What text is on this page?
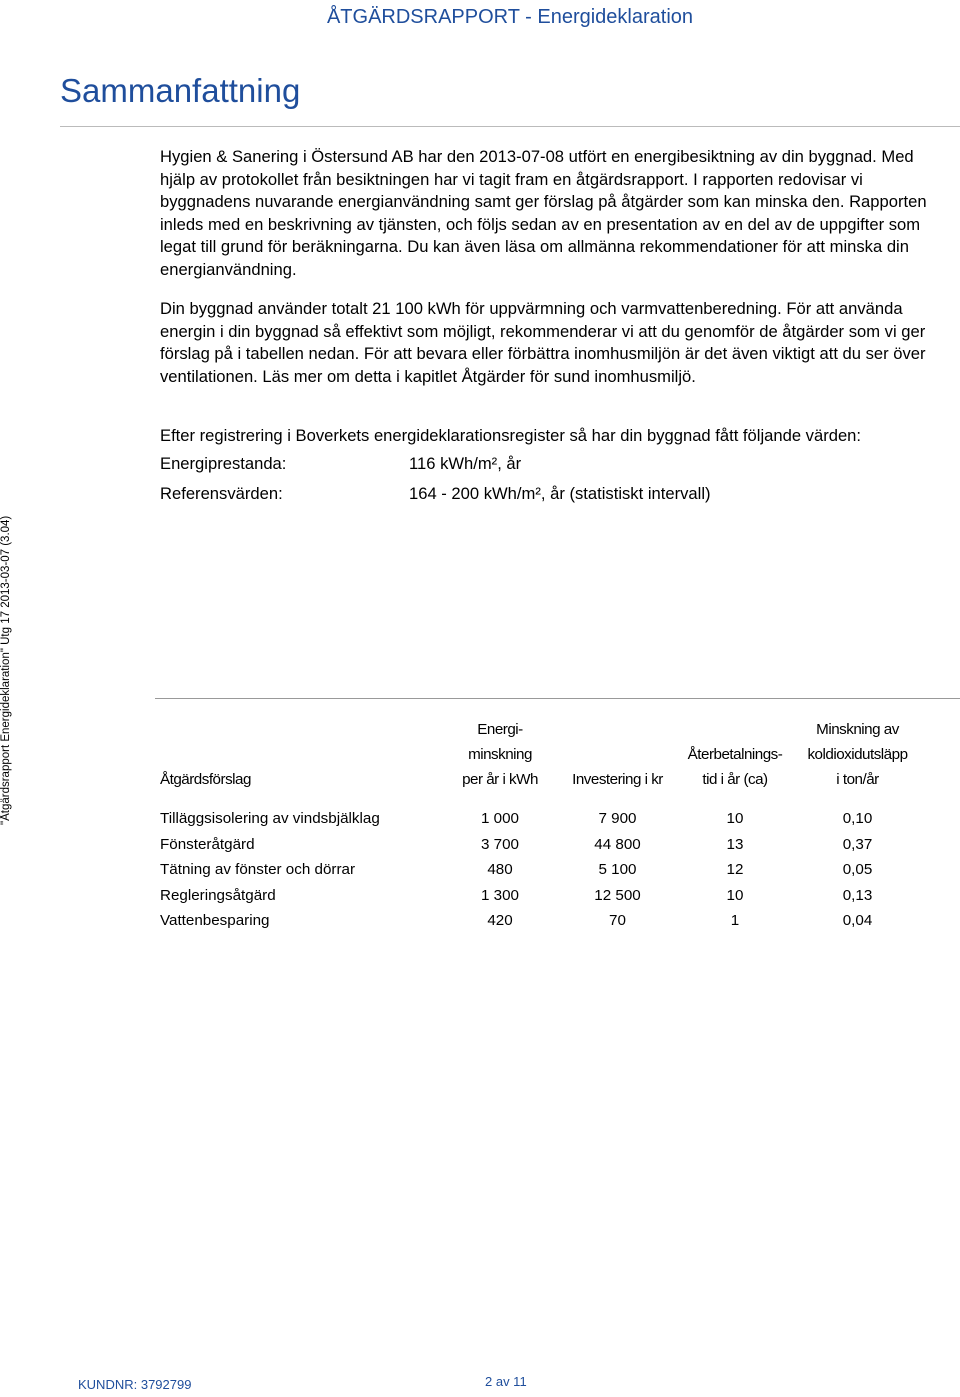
ÅTGÄRDSRAPPORT - Energideklaration
Sammanfattning

Hygien & Sanering i Östersund AB har den 2013-07-08 utfört en energibesiktning av din byggnad. Med hjälp av protokollet från besiktningen har vi tagit fram en åtgärdsrapport. I rapporten redovisar vi byggnadens nuvarande energianvändning samt ger förslag på åtgärder som kan minska den. Rapporten inleds med en beskrivning av tjänsten, och följs sedan av en presentation av en del av de uppgifter som legat till grund för beräkningarna. Du kan även läsa om allmänna rekommendationer för att minska din energianvändning.

Din byggnad använder totalt 21 100 kWh för uppvärmning och varmvattenberedning. För att använda energin i din byggnad så effektivt som möjligt, rekommenderar vi att du genomför de åtgärder som vi ger förslag på i tabellen nedan. För att bevara eller förbättra inomhusmiljön är det även viktigt att du ser över ventilationen. Läs mer om detta i kapitlet Åtgärder för sund inomhusmiljö.

Efter registrering i Boverkets energideklarationsregister så har din byggnad fått följande värden:
Energiprestanda:	116 kWh/m², år
Referensvärden:	164 - 200 kWh/m², år (statistiskt intervall)
"Åtgärdsrapport Energideklaration" Utg 17 2013-03-07 (3.04)	Åtgärdsförslag
Energi-
minskning
per år i kWh	Investering i kr
Återbetalnings-
tid i år (ca)
Minskning av
koldioxidutsläpp
i ton/år
Tilläggsisolering av vindsbjälklag	1 000	7 900	10	0,10
Fönsteråtgärd	3 700	44 800	13	0,37
Tätning av fönster och dörrar	480	5 100	12	0,05
Regleringsåtgärd	1 300	12 500	10	0,13
Vattenbesparing	420	70	1	0,04
KUNDNR: 3792799	2 av 11
